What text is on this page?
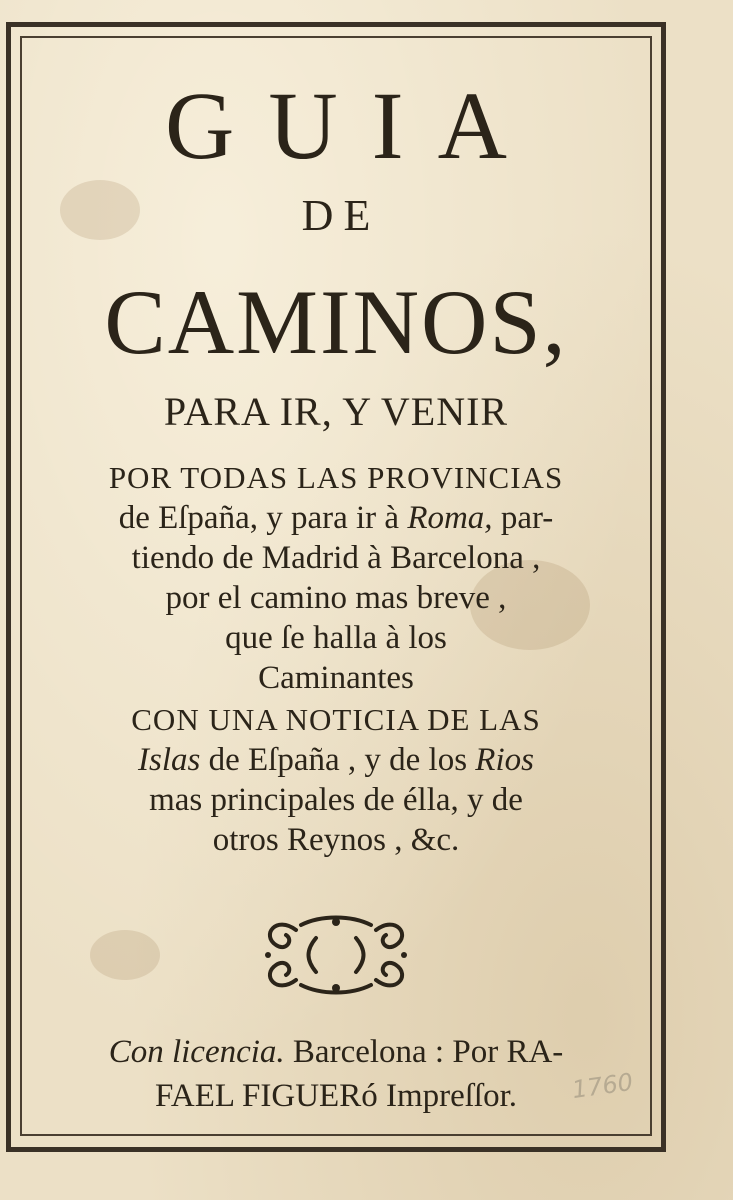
GUIA
DE
CAMINOS,
PARA IR, Y VENIR
POR TODAS LAS PROVINCIAS
de Eſpaña, y para ir à Roma, par-
tiendo de Madrid à Barcelona ,
por el camino mas breve ,
que ſe halla à los
Caminantes
CON UNA NOTICIA DE LAS
Islas de Eſpaña , y de los Rios
mas principales de élla, y de
otros Reynos , &c.
Con licencia. Barcelona : Por RA-
FAEL FIGUERó Impreſſor.	1760
